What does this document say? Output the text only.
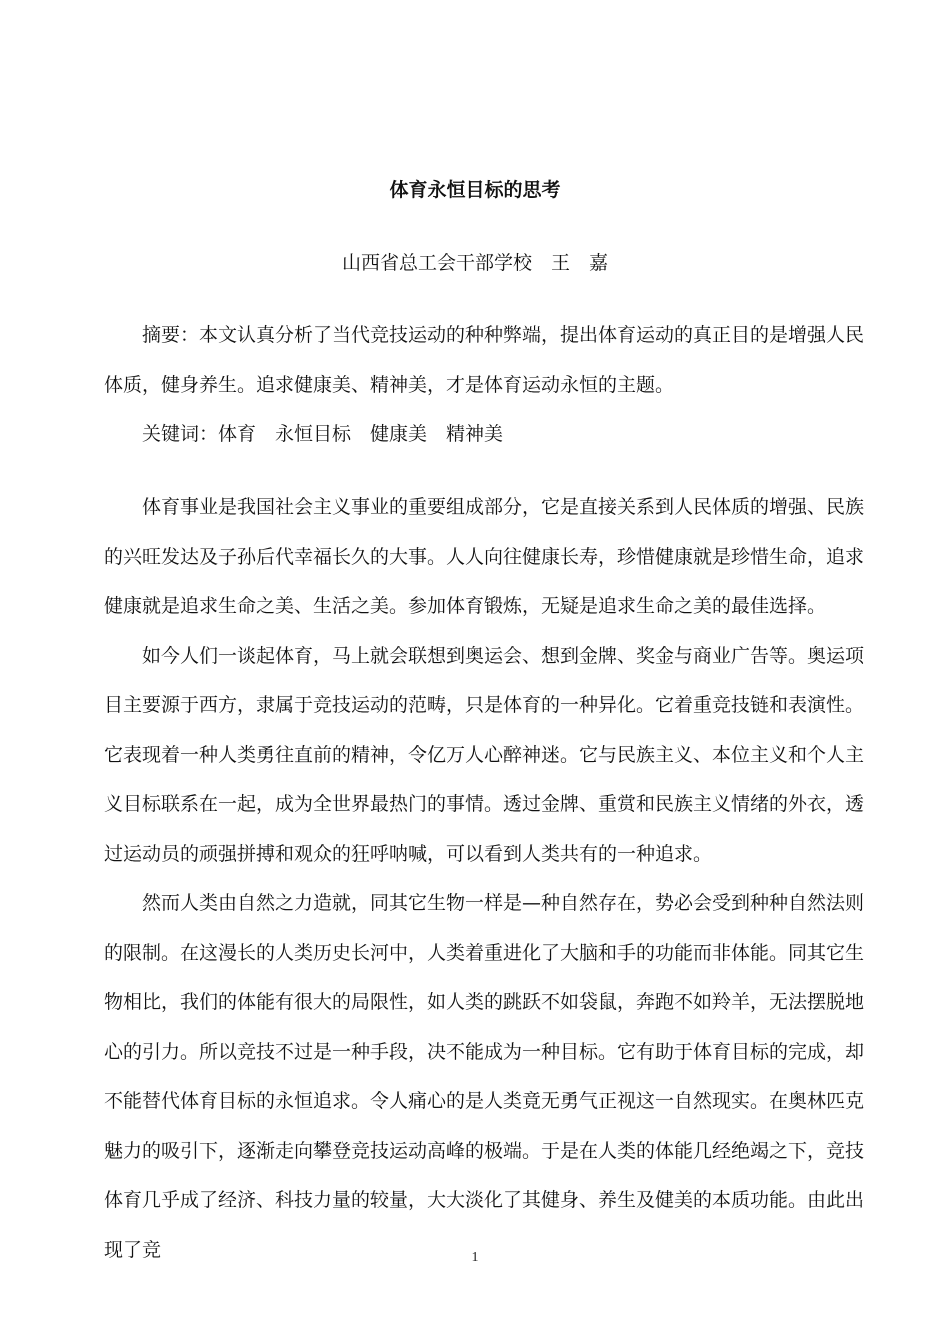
体育永恒目标的思考
山西省总工会干部学校　王　嘉

摘要：本文认真分析了当代竞技运动的种种弊端，提出体育运动的真正目的是增强人民体质，健身养生。追求健康美、精神美，才是体育运动永恒的主题。

关键词：体育　永恒目标　健康美　精神美

体育事业是我国社会主义事业的重要组成部分，它是直接关系到人民体质的增强、民族的兴旺发达及子孙后代幸福长久的大事。人人向往健康长寿，珍惜健康就是珍惜生命，追求健康就是追求生命之美、生活之美。参加体育锻炼，无疑是追求生命之美的最佳选择。

如今人们一谈起体育，马上就会联想到奥运会、想到金牌、奖金与商业广告等。奥运项目主要源于西方，隶属于竞技运动的范畴，只是体育的一种异化。它着重竞技链和表演性。它表现着一种人类勇往直前的精神，令亿万人心醉神迷。它与民族主义、本位主义和个人主义目标联系在一起，成为全世界最热门的事情。透过金牌、重赏和民族主义情绪的外衣，透过运动员的顽强拼搏和观众的狂呼呐喊，可以看到人类共有的一种追求。

然而人类由自然之力造就，同其它生物一样是—种自然存在，势必会受到种种自然法则的限制。在这漫长的人类历史长河中，人类着重进化了大脑和手的功能而非体能。同其它生物相比，我们的体能有很大的局限性，如人类的跳跃不如袋鼠，奔跑不如羚羊，无法摆脱地心的引力。所以竞技不过是一种手段，决不能成为一种目标。它有助于体育目标的完成，却不能替代体育目标的永恒追求。令人痛心的是人类竟无勇气正视这一自然现实。在奥林匹克魅力的吸引下，逐渐走向攀登竞技运动高峰的极端。于是在人类的体能几经绝竭之下，竞技体育几乎成了经济、科技力量的较量，大大淡化了其健身、养生及健美的本质功能。由此出现了竞	1
